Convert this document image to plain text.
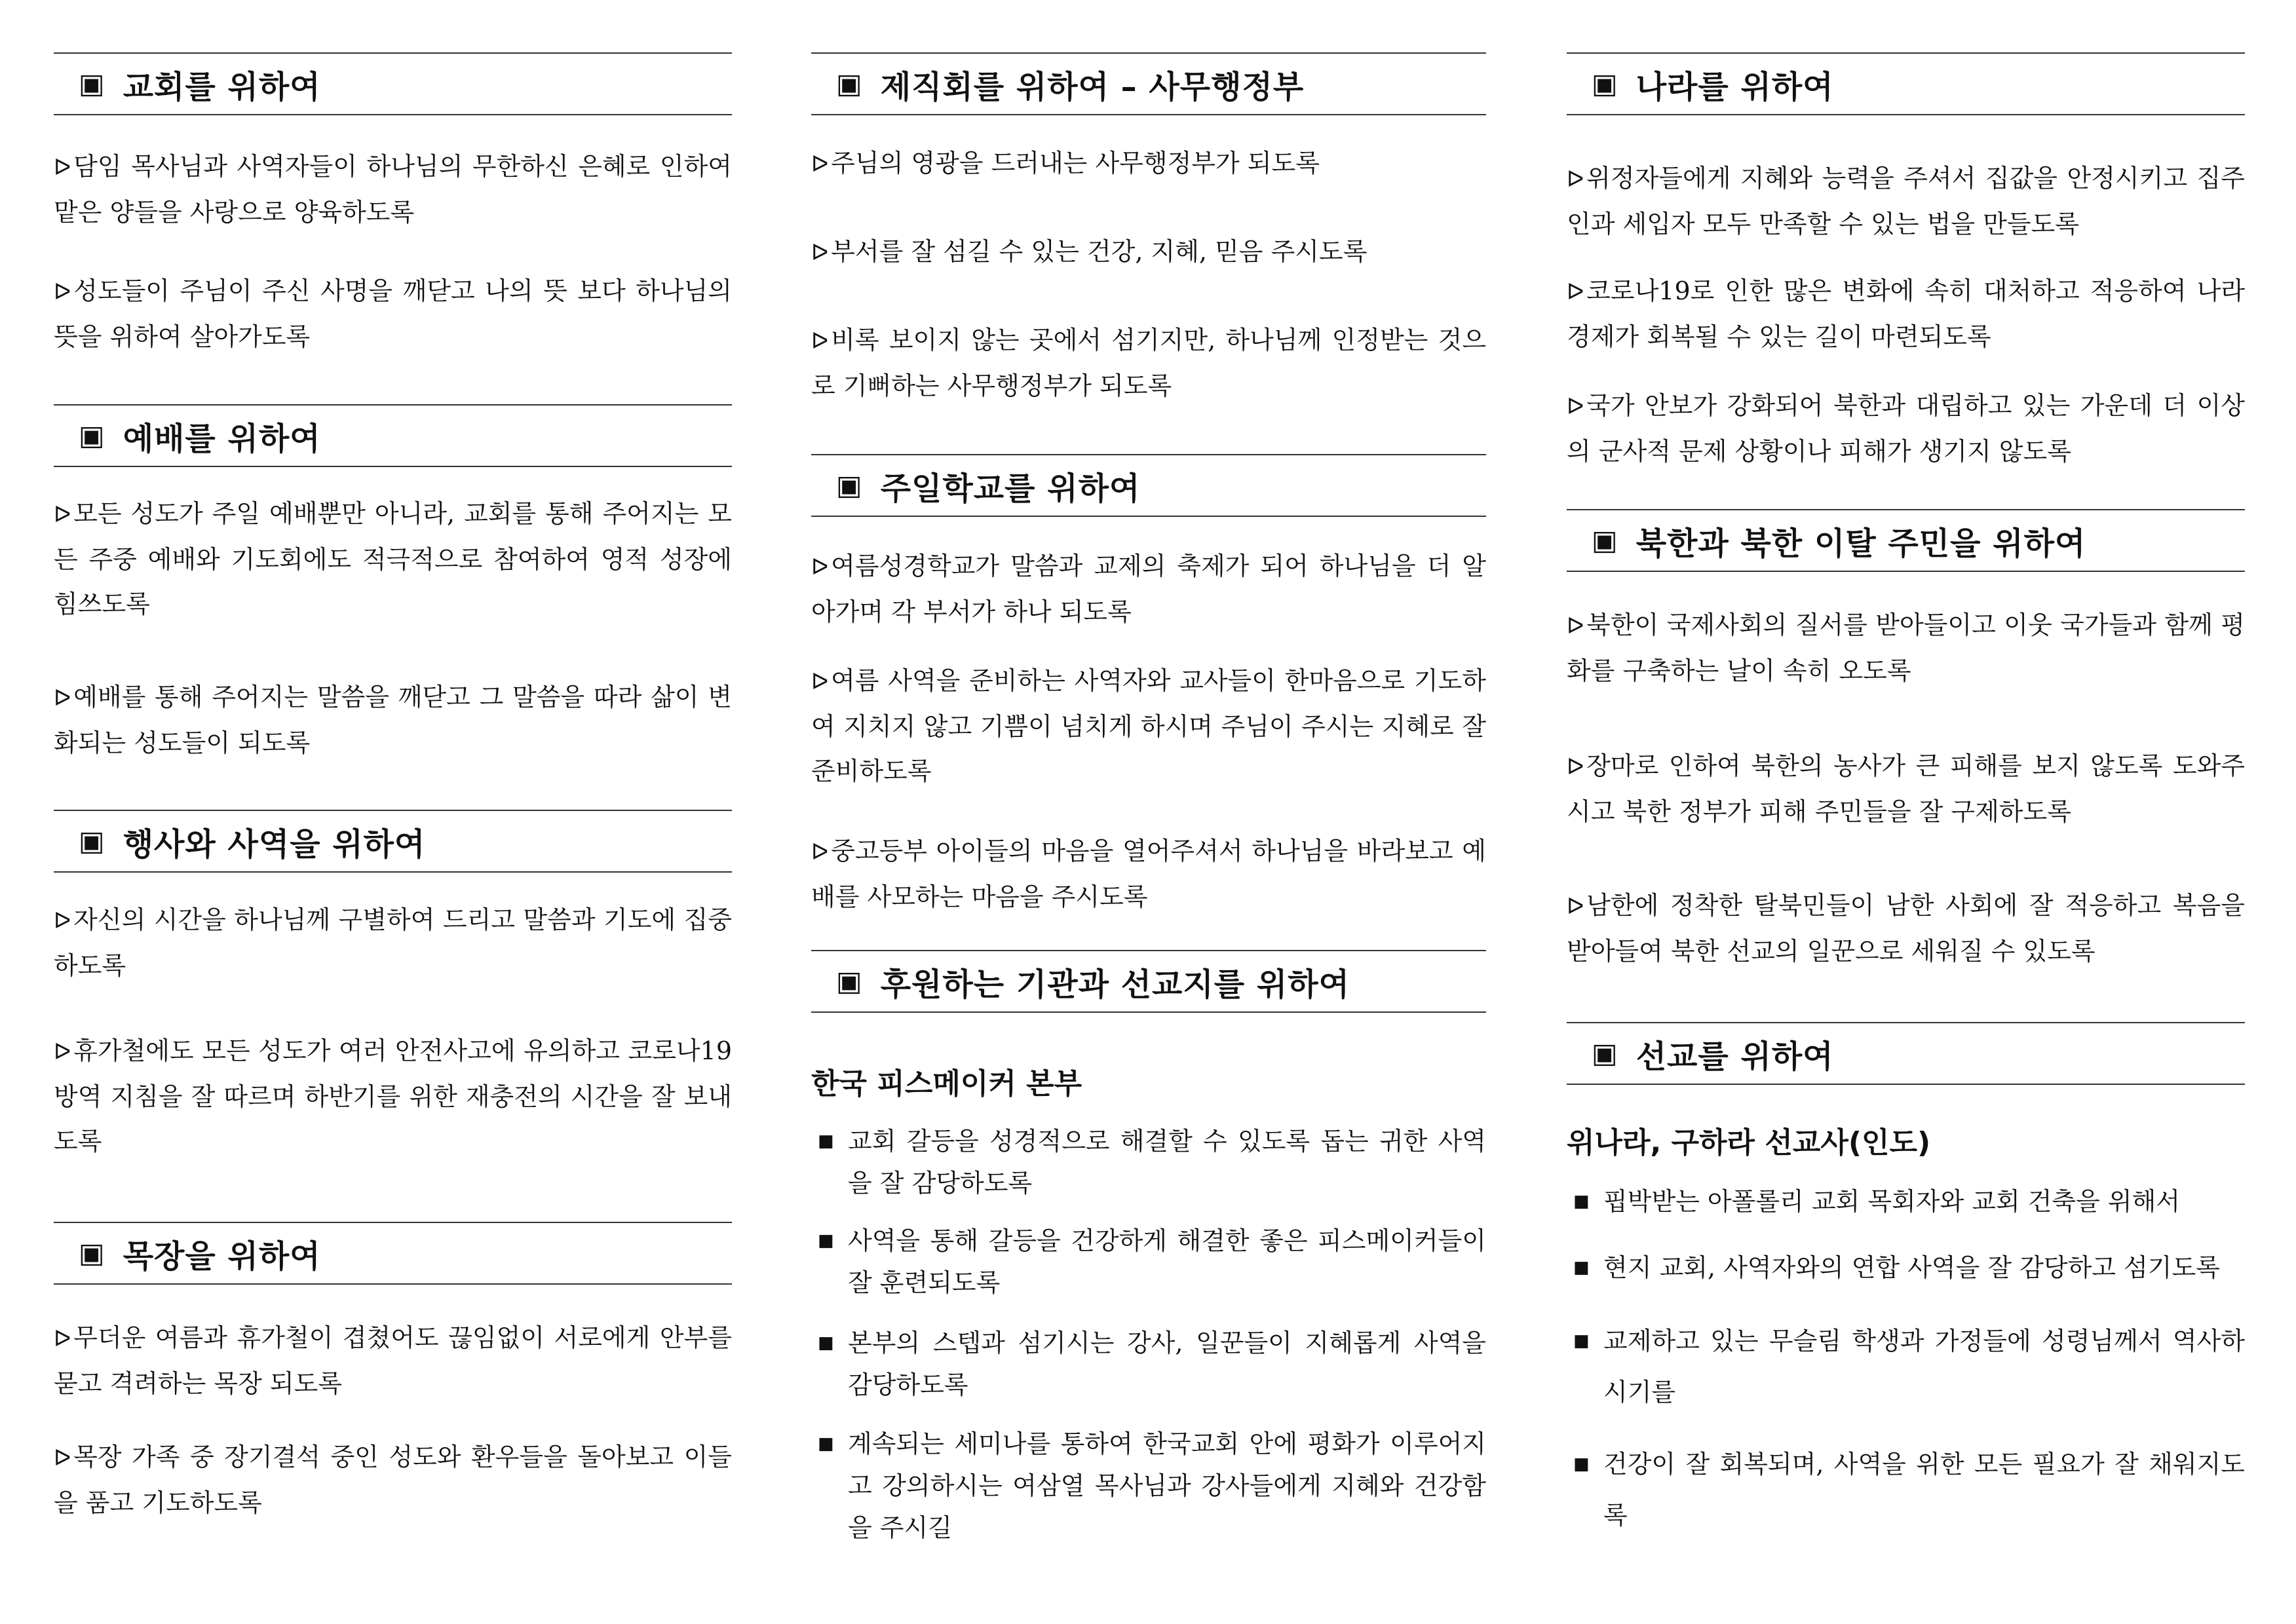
▣ 교회를 위하여
ᐅ 담임 목사님과 사역자들이 하나님의 무한하신 은혜로 인하여 맡은 양들을 사랑으로 양육하도록
ᐅ 성도들이 주님이 주신 사명을 깨닫고 나의 뜻 보다 하나님의 뜻을 위하여 살아가도록
▣ 예배를 위하여
ᐅ 모든 성도가 주일 예배뿐만 아니라, 교회를 통해 주어지는 모든 주중 예배와 기도회에도 적극적으로 참여하여 영적 성장에 힘쓰도록
ᐅ 예배를 통해 주어지는 말씀을 깨닫고 그 말씀을 따라 삶이 변화되는 성도들이 되도록
▣ 행사와 사역을 위하여
ᐅ 자신의 시간을 하나님께 구별하여 드리고 말씀과 기도에 집중하도록
ᐅ 휴가철에도 모든 성도가 여러 안전사고에 유의하고 코로나19 방역 지침을 잘 따르며 하반기를 위한 재충전의 시간을 잘 보내도록
▣ 목장을 위하여
ᐅ 무더운 여름과 휴가철이 겹쳤어도 끊임없이 서로에게 안부를 묻고 격려하는 목장 되도록
ᐅ 목장 가족 중 장기결석 중인 성도와 환우들을 돌아보고 이들을 품고 기도하도록
▣ 제직회를 위하여 – 사무행정부
ᐅ 주님의 영광을 드러내는 사무행정부가 되도록
ᐅ 부서를 잘 섬길 수 있는 건강, 지혜, 믿음 주시도록
ᐅ 비록 보이지 않는 곳에서 섬기지만, 하나님께 인정받는 것으로 기뻐하는 사무행정부가 되도록
▣ 주일학교를 위하여
ᐅ 여름성경학교가 말씀과 교제의 축제가 되어 하나님을 더 알아가며 각 부서가 하나 되도록
ᐅ 여름 사역을 준비하는 사역자와 교사들이 한마음으로 기도하여 지치지 않고 기쁨이 넘치게 하시며 주님이 주시는 지혜로 잘 준비하도록
ᐅ 중고등부 아이들의 마음을 열어주셔서 하나님을 바라보고 예배를 사모하는 마음을 주시도록
▣ 후원하는 기관과 선교지를 위하여
한국 피스메이커 본부
■ 교회 갈등을 성경적으로 해결할 수 있도록 돕는 귀한 사역을 잘 감당하도록
■ 사역을 통해 갈등을 건강하게 해결한 좋은 피스메이커들이 잘 훈련되도록
■ 본부의 스텝과 섬기시는 강사, 일꾼들이 지혜롭게 사역을 감당하도록
■ 계속되는 세미나를 통하여 한국교회 안에 평화가 이루어지고 강의하시는 여삼열 목사님과 강사들에게 지혜와 건강함을 주시길
▣ 나라를 위하여
ᐅ 위정자들에게 지혜와 능력을 주셔서 집값을 안정시키고 집주인과 세입자 모두 만족할 수 있는 법을 만들도록
ᐅ 코로나19로 인한 많은 변화에 속히 대처하고 적응하여 나라 경제가 회복될 수 있는 길이 마련되도록
ᐅ 국가 안보가 강화되어 북한과 대립하고 있는 가운데 더 이상의 군사적 문제 상황이나 피해가 생기지 않도록
▣ 북한과 북한 이탈 주민을 위하여
ᐅ 북한이 국제사회의 질서를 받아들이고 이웃 국가들과 함께 평화를 구축하는 날이 속히 오도록
ᐅ 장마로 인하여 북한의 농사가 큰 피해를 보지 않도록 도와주시고 북한 정부가 피해 주민들을 잘 구제하도록
ᐅ 남한에 정착한 탈북민들이 남한 사회에 잘 적응하고 복음을 받아들여 북한 선교의 일꾼으로 세워질 수 있도록
▣ 선교를 위하여
위나라, 구하라 선교사(인도)
■ 핍박받는 아폴롤리 교회 목회자와 교회 건축을 위해서
■ 현지 교회, 사역자와의 연합 사역을 잘 감당하고 섬기도록
■ 교제하고 있는 무슬림 학생과 가정들에 성령님께서 역사하시기를
■ 건강이 잘 회복되며, 사역을 위한 모든 필요가 잘 채워지도록
